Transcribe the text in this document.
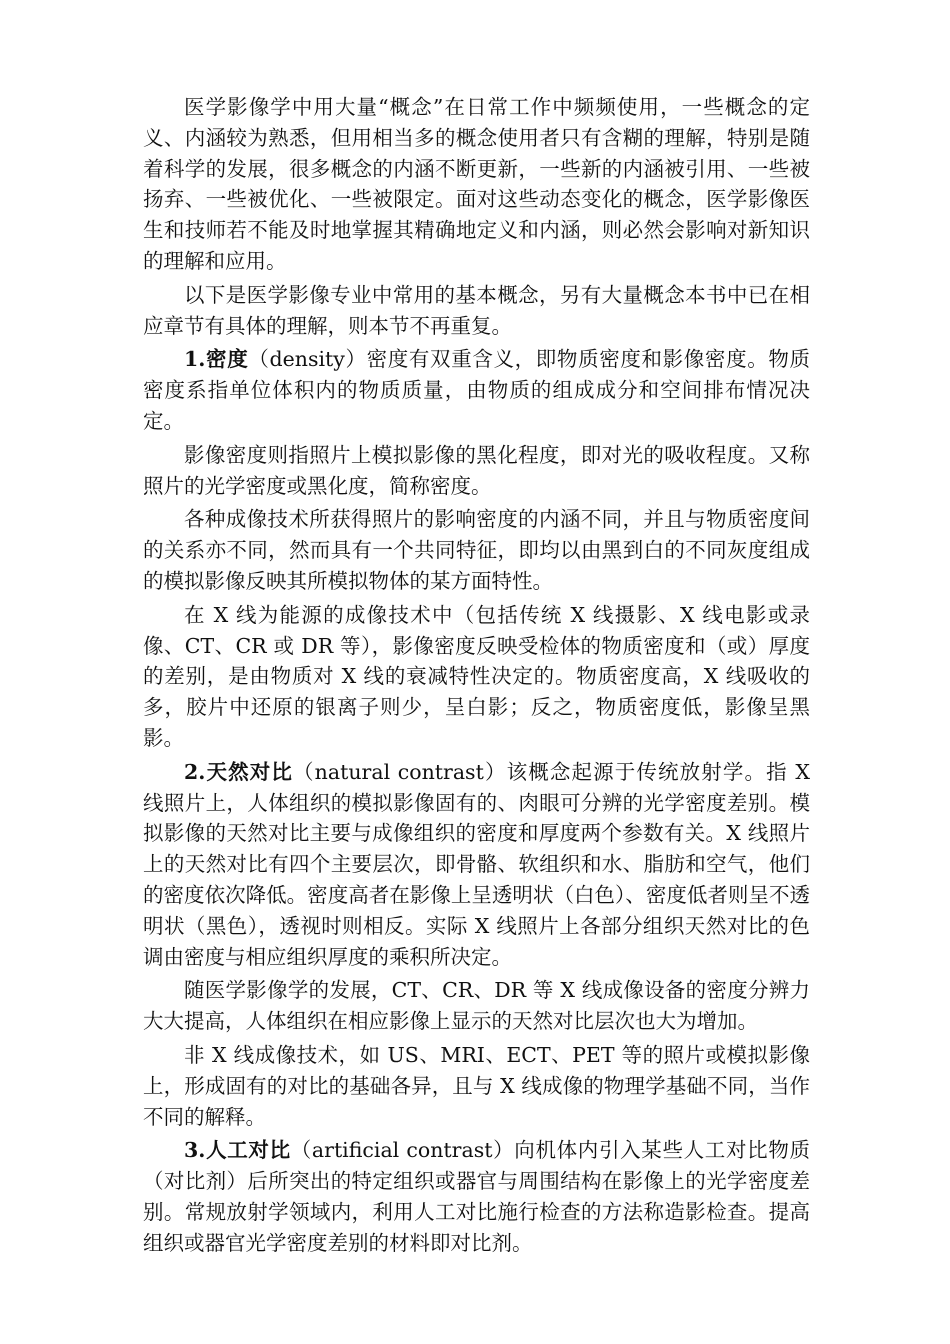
医学影像学中用大量“概念”在日常工作中频频使用，一些概念的定义、内涵较为熟悉，但用相当多的概念使用者只有含糊的理解，特别是随着科学的发展，很多概念的内涵不断更新，一些新的内涵被引用、一些被扬弃、一些被优化、一些被限定。面对这些动态变化的概念，医学影像医生和技师若不能及时地掌握其精确地定义和内涵，则必然会影响对新知识的理解和应用。

以下是医学影像专业中常用的基本概念，另有大量概念本书中已在相应章节有具体的理解，则本节不再重复。

1.密度（density）密度有双重含义，即物质密度和影像密度。物质密度系指单位体积内的物质质量，由物质的组成成分和空间排布情况决定。

影像密度则指照片上模拟影像的黑化程度，即对光的吸收程度。又称照片的光学密度或黑化度，简称密度。

各种成像技术所获得照片的影响密度的内涵不同，并且与物质密度间的关系亦不同，然而具有一个共同特征，即均以由黑到白的不同灰度组成的模拟影像反映其所模拟物体的某方面特性。

在 X 线为能源的成像技术中（包括传统 X 线摄影、X 线电影或录像、CT、CR 或 DR 等），影像密度反映受检体的物质密度和（或）厚度的差别，是由物质对 X 线的衰减特性决定的。物质密度高，X 线吸收的多，胶片中还原的银离子则少，呈白影；反之，物质密度低，影像呈黑影。

2.天然对比（natural contrast）该概念起源于传统放射学。指 X 线照片上，人体组织的模拟影像固有的、肉眼可分辨的光学密度差别。模拟影像的天然对比主要与成像组织的密度和厚度两个参数有关。X 线照片上的天然对比有四个主要层次，即骨骼、软组织和水、脂肪和空气，他们的密度依次降低。密度高者在影像上呈透明状（白色）、密度低者则呈不透明状（黑色），透视时则相反。实际 X 线照片上各部分组织天然对比的色调由密度与相应组织厚度的乘积所决定。

随医学影像学的发展，CT、CR、DR 等 X 线成像设备的密度分辨力大大提高，人体组织在相应影像上显示的天然对比层次也大为增加。

非 X 线成像技术，如 US、MRI、ECT、PET 等的照片或模拟影像上，形成固有的对比的基础各异，且与 X 线成像的物理学基础不同，当作不同的解释。

3.人工对比（artificial contrast）向机体内引入某些人工对比物质（对比剂）后所突出的特定组织或器官与周围结构在影像上的光学密度差别。常规放射学领域内，利用人工对比施行检查的方法称造影检查。提高组织或器官光学密度差别的材料即对比剂。
